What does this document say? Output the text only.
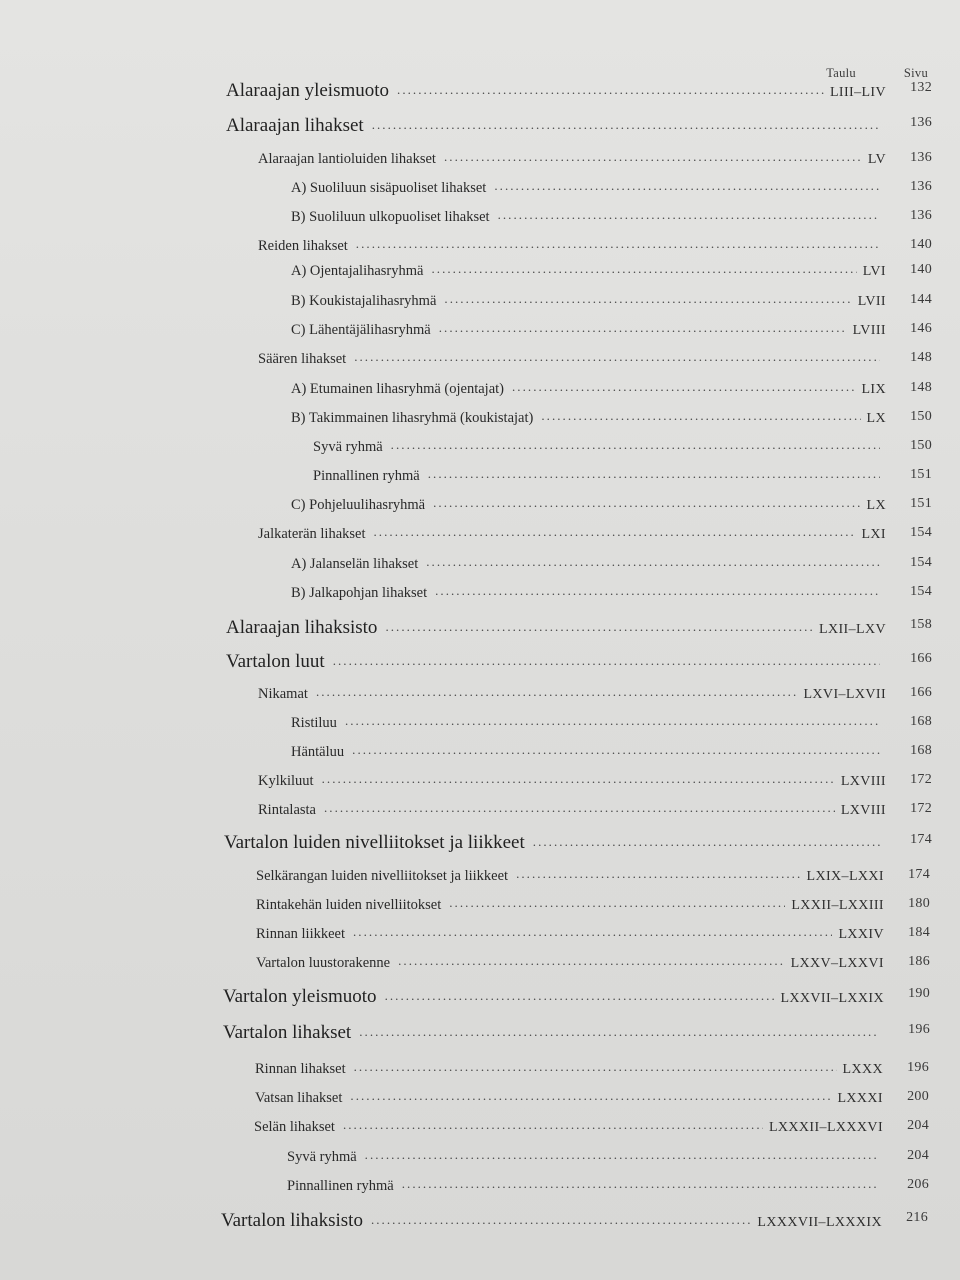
Taulu	Sivu
Alaraajan yleismuoto . . .	LIII–LIV	132
Alaraajan lihakset . . .	136
Alaraajan lantioluiden lihakset . . .	LV	136
A) Suoliluun sisäpuoliset lihakset . . .	136
B) Suoliluun ulkopuoliset lihakset . . .	136
Reiden lihakset . . .	140
A) Ojentajalihasryhmä . . .	LVI	140
B) Koukistajalihasryhmä . . .	LVII	144
C) Lähentäjälihasryhmä . . .	LVIII	146
Säären lihakset . . .	148
A) Etumainen lihasryhmä (ojentajat) . . .	LIX	148
B) Takimmainen lihasryhmä (koukistajat) . . .	LX	150
Syvä ryhmä . . .	150
Pinnallinen ryhmä . . .	151
C) Pohjeluulihasryhmä . . .	LX	151
Jalkaterän lihakset . . .	LXI	154
A) Jalanselän lihakset . . .	154
B) Jalkapohjan lihakset . . .	154
Alaraajan lihaksisto . . .	LXII–LXV	158
Vartalon luut . . .	166
Nikamat . . .	LXVI–LXVII	166
Ristiluu . . .	168
Häntäluu . . .	168
Kylkiluut . . .	LXVIII	172
Rintalasta . . .	LXVIII	172
Vartalon luiden nivelliitokset ja liikkeet . . .	174
Selkärangan luiden nivelliitokset ja liikkeet . . .	LXIX–LXXI	174
Rintakehän luiden nivelliitokset . . .	LXXII–LXXIII	180
Rinnan liikkeet . . .	LXXIV	184
Vartalon luustorakenne . . .	LXXV–LXXVI	186
Vartalon yleismuoto . . .	LXXVII–LXXIX	190
Vartalon lihakset . . .	196
Rinnan lihakset . . .	LXXX	196
Vatsan lihakset . . .	LXXXI	200
Selän lihakset . . .	LXXXII–LXXXVI	204
Syvä ryhmä . . .	204
Pinnallinen ryhmä . . .	206
Vartalon lihaksisto . . .	LXXXVII–LXXXIX	216
